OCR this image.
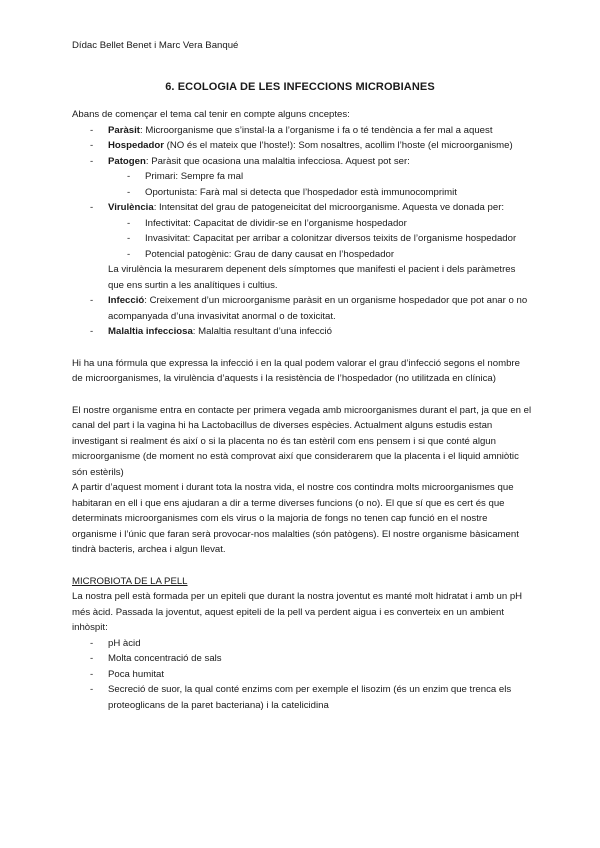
Dídac Bellet Benet i Marc Vera Banqué
6. ECOLOGIA DE LES INFECCIONS MICROBIANES

Abans de començar el tema cal tenir en compte alguns cnceptes:

- Paràsit: Microorganisme que s’instal·la a l’organisme i fa o té tendència a fer mal a aquest
- Hospedador (NO és el mateix que l’hoste!): Som nosaltres, acollim l’hoste (el microorganisme)
- Patogen: Paràsit que ocasiona una malaltia infecciosa. Aquest pot ser:
- Primari: Sempre fa mal
- Oportunista: Farà mal si detecta que l’hospedador està immunocomprimit
- Virulència: Intensitat del grau de patogeneicitat del microorganisme. Aquesta ve donada per:
- Infectivitat: Capacitat de dividir-se en l’organisme hospedador
- Invasivitat: Capacitat per arribar a colonitzar diversos teixits de l’organisme hospedador
- Potencial patogènic: Grau de dany causat en l’hospedador

La virulència la mesurarem depenent dels símptomes que manifesti el pacient i dels paràmetres que ens surtin a les analítiques i cultius.

- Infecció: Creixement d’un microorganisme paràsit en un organisme hospedador que pot anar o no acompanyada d’una invasivitat anormal o de toxicitat.
- Malaltia infecciosa: Malaltia resultant d’una infecció

Hi ha una fórmula que expressa la infecció i en la qual podem valorar el grau d’infecció segons el nombre de microorganismes, la virulència d’aquests i la resistència de l’hospedador (no utilitzada en clínica)

El nostre organisme entra en contacte per primera vegada amb microorganismes durant el part, ja que en el canal del part i la vagina hi ha Lactobacillus de diverses espècies. Actualment alguns estudis estan investigant si realment és així o si la placenta no és tan estèril com ens pensem i si que conté algun microorganisme (de moment no està comprovat així que considerarem que la placenta i el liquid amniòtic són estèrils)

A partir d’aquest moment i durant tota la nostra vida, el nostre cos contindra molts microorganismes que habitaran en ell i que ens ajudaran a dir a terme diverses funcions (o no). El que sí que es cert és que determinats microorganismes com els virus o la majoria de fongs no tenen cap funció en el nostre organisme i l’únic que faran serà provocar-nos malalties (són patògens). El nostre organisme bàsicament tindrà bacteris, archea i algun llevat.

MICROBIOTA DE LA PELL

La nostra pell està formada per un epiteli que durant la nostra joventut es manté molt hidratat i amb un pH més àcid. Passada la joventut, aquest epiteli de la pell va perdent aigua i es converteix en un ambient inhòspit:

- pH àcid
- Molta concentració de sals
- Poca humitat
- Secreció de suor, la qual conté enzims com per exemple el lisozim (és un enzim que trenca els proteoglicans de la paret bacteriana) i la catelicidina
